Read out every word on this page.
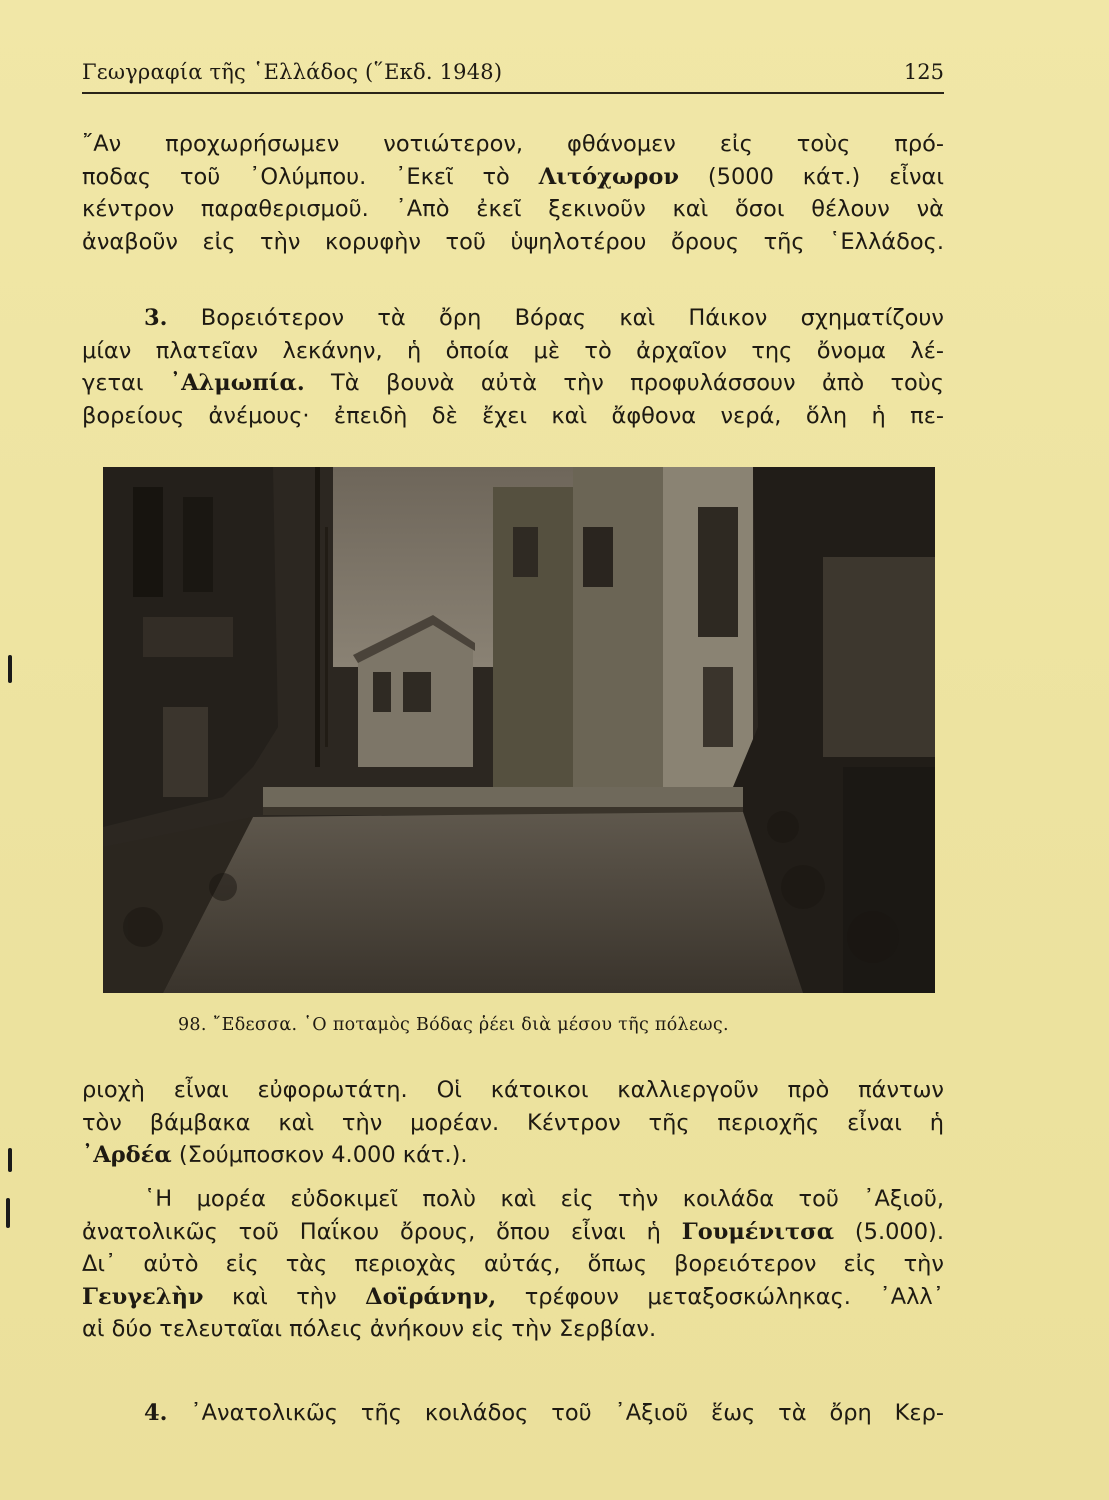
Γεωγραφία τῆς ῾Ελλάδος (῞Εκδ. 1948)	125
῎Αν προχωρήσωμεν νοτιώτερον, φθάνομεν εἰς τοὺς πρό-
ποδας τοῦ ᾿Ολύμπου. ᾿Εκεῖ τὸ Λιτόχωρον (5000 κάτ.) εἶναι
κέντρον παραθερισμοῦ. ᾿Απὸ ἐκεῖ ξεκινοῦν καὶ ὅσοι θέλουν νὰ
ἀναβοῦν εἰς τὴν κορυφὴν τοῦ ὑψηλοτέρου ὄρους τῆς ῾Ελλάδος.
3. Βορειότερον τὰ ὄρη Βόρας καὶ Πάικον σχηματίζουν
μίαν πλατεῖαν λεκάνην, ἡ ὁποία μὲ τὸ ἀρχαῖον της ὄνομα λέ-
γεται ᾿Αλμωπία. Τὰ βουνὰ αὐτὰ τὴν προφυλάσσουν ἀπὸ τοὺς
βορείους ἀνέμους· ἐπειδὴ δὲ ἔχει καὶ ἄφθονα νερά, ὅλη ἡ πε-
98. ῎Εδεσσα. ῾Ο ποταμὸς Βόδας ῥέει διὰ μέσου τῆς πόλεως.
ριοχὴ εἶναι εὐφορωτάτη. Οἱ κάτοικοι καλλιεργοῦν πρὸ πάντων
τὸν βάμβακα καὶ τὴν μορέαν. Κέντρον τῆς περιοχῆς εἶναι ἡ
᾿Αρδέα (Σούμποσκον 4.000 κάτ.).
῾Η μορέα εὐδοκιμεῖ πολὺ καὶ εἰς τὴν κοιλάδα τοῦ ᾿Αξιοῦ,
ἀνατολικῶς τοῦ Παΐκου ὄρους, ὅπου εἶναι ἡ Γουμένιτσα (5.000).
Δι᾿ αὐτὸ εἰς τὰς περιοχὰς αὐτάς, ὅπως βορειότερον εἰς τὴν
Γευγελὴν καὶ τὴν Δοϊράνην, τρέφουν μεταξοσκώληκας. ᾿Αλλ᾿
αἱ δύο τελευταῖαι πόλεις ἀνήκουν εἰς τὴν Σερβίαν.
4. ᾿Ανατολικῶς τῆς κοιλάδος τοῦ ᾿Αξιοῦ ἕως τὰ ὄρη Κερ-
